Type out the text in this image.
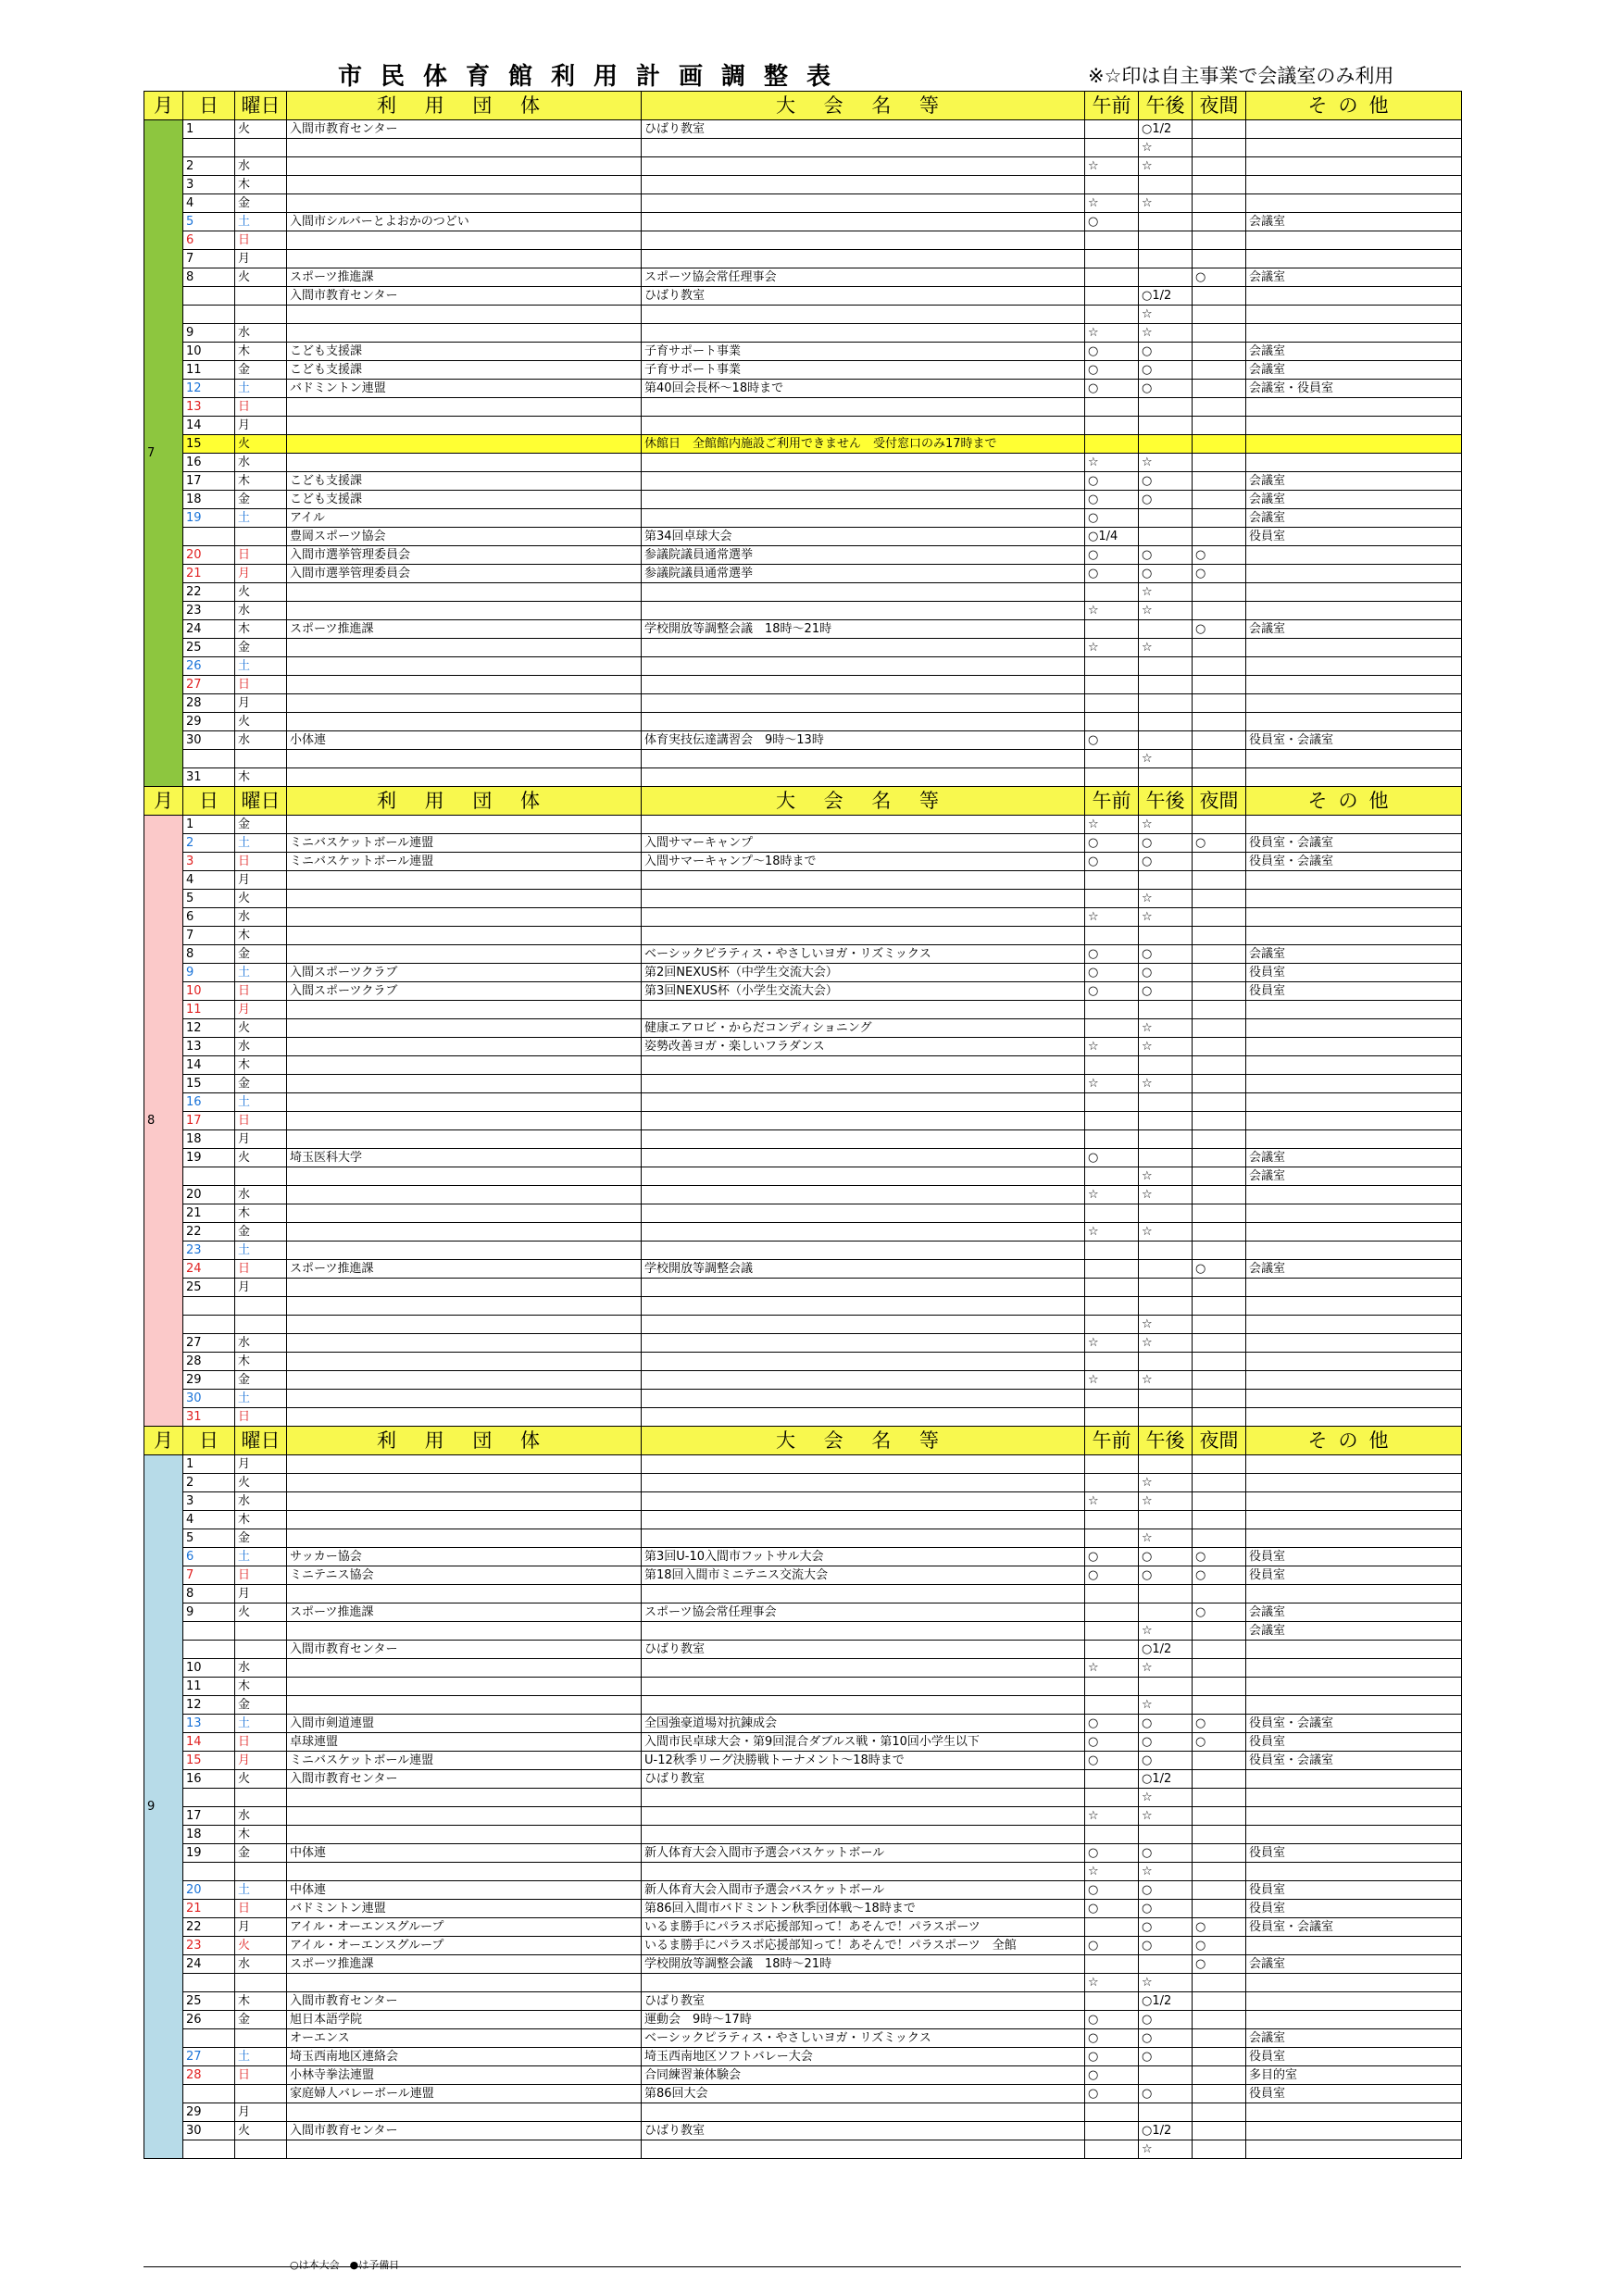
市民体育館利用計画調整表	※☆印は自主事業で会議室のみ利用
月	日	曜日	利 用 団 体	大 会 名 等	午前	午後	夜間	その他
7	1	火	入間市教育センター	ひばり教室		○1/2		
						☆		
	2	水			☆	☆		
	3	木						
	4	金			☆	☆		
	5	土	入間市シルバーとよおかのつどい		○			会議室
	6	日						
	7	月						
	8	火	スポーツ推進課	スポーツ協会常任理事会			○	会議室
			入間市教育センター	ひばり教室		○1/2		
						☆		
	9	水			☆	☆		
	10	木	こども支援課	子育サポート事業	○	○		会議室
	11	金	こども支援課	子育サポート事業	○	○		会議室
	12	土	バドミントン連盟	第40回会長杯～18時まで	○	○		会議室・役員室
	13	日						
	14	月						
	15	火		休館日　全館館内施設ご利用できません　受付窓口のみ17時まで				
	16	水			☆	☆		
	17	木	こども支援課		○	○		会議室
	18	金	こども支援課		○	○		会議室
	19	土	アイル		○			会議室
			豊岡スポーツ協会	第34回卓球大会	○1/4			役員室
	20	日	入間市選挙管理委員会	参議院議員通常選挙	○	○	○	
	21	月	入間市選挙管理委員会	参議院議員通常選挙	○	○	○	
	22	火				☆		
	23	水			☆	☆		
	24	木	スポーツ推進課	学校開放等調整会議　18時～21時			○	会議室
	25	金			☆	☆		
	26	土						
	27	日						
	28	月						
	29	火						
	30	水	小体連	体育実技伝達講習会　9時～13時	○			役員室・会議室
						☆		
	31	木						
月	日	曜日	利 用 団 体	大 会 名 等	午前	午後	夜間	その他
8	1	金			☆	☆		
	2	土	ミニバスケットボール連盟	入間サマーキャンプ	○	○	○	役員室・会議室
	3	日	ミニバスケットボール連盟	入間サマーキャンプ～18時まで	○	○		役員室・会議室
	4	月						
	5	火				☆		
	6	水			☆	☆		
	7	木						
	8	金		ベーシックピラティス・やさしいヨガ・リズミックス	○	○		会議室
	9	土	入間スポーツクラブ	第2回NEXUS杯（中学生交流大会）	○	○		役員室
	10	日	入間スポーツクラブ	第3回NEXUS杯（小学生交流大会）	○	○		役員室
	11	月						
	12	火		健康エアロビ・からだコンディショニング		☆		
	13	水		姿勢改善ヨガ・楽しいフラダンス	☆	☆		
	14	木						
	15	金			☆	☆		
	16	土						
	17	日						
	18	月						
	19	火	埼玉医科大学		○			会議室
						☆		会議室
	20	水			☆	☆		
	21	木						
	22	金			☆	☆		
	23	土						
	24	日	スポーツ推進課	学校開放等調整会議			○	会議室
	25	月						

						☆		
	27	水			☆	☆		
	28	木						
	29	金			☆	☆		
	30	土						
	31	日						
月	日	曜日	利 用 団 体	大 会 名 等	午前	午後	夜間	その他
9	1	月						
	2	火				☆		
	3	水			☆	☆		
	4	木						
	5	金				☆		
	6	土	サッカー協会	第3回U-10入間市フットサル大会	○	○	○	役員室
	7	日	ミニテニス協会	第18回入間市ミニテニス交流大会	○	○	○	役員室
	8	月						
	9	火	スポーツ推進課	スポーツ協会常任理事会			○	会議室
						☆		会議室
			入間市教育センター	ひばり教室		○1/2		
	10	水			☆	☆		
	11	木						
	12	金				☆		
	13	土	入間市剣道連盟	全国強豪道場対抗錬成会	○	○	○	役員室・会議室
	14	日	卓球連盟	入間市民卓球大会・第9回混合ダブルス戦・第10回小学生以下	○	○	○	役員室
	15	月	ミニバスケットボール連盟	U-12秋季リーグ決勝戦トーナメント～18時まで	○	○		役員室・会議室
	16	火	入間市教育センター	ひばり教室		○1/2		
						☆		
	17	水			☆	☆		
	18	木						
	19	金	中体連	新人体育大会入間市予選会バスケットボール	○	○		役員室
					☆	☆		
	20	土	中体連	新人体育大会入間市予選会バスケットボール	○	○		役員室
	21	日	バドミントン連盟	第86回入間市バドミントン秋季団体戦～18時まで	○	○		役員室
	22	月	アイル・オーエンスグループ	いるま勝手にパラスポ応援部知って！あそんで！パラスポーツ		○	○	役員室・会議室
	23	火	アイル・オーエンスグループ	いるま勝手にパラスポ応援部知って！あそんで！パラスポーツ　全館	○	○	○	
	24	水	スポーツ推進課	学校開放等調整会議　18時～21時			○	会議室
					☆	☆		
	25	木	入間市教育センター	ひばり教室		○1/2		
	26	金	旭日本語学院	運動会　9時～17時	○	○		
			オーエンス	ベーシックピラティス・やさしいヨガ・リズミックス	○	○		会議室
	27	土	埼玉西南地区連絡会	埼玉西南地区ソフトバレー大会	○	○		役員室
	28	日	小林寺拳法連盟	合同練習兼体験会	○			多目的室
			家庭婦人バレーボール連盟	第86回大会	○	○		役員室
	29	月						
	30	火	入間市教育センター	ひばり教室		○1/2		
						☆		
○は本大会　●は予備日
